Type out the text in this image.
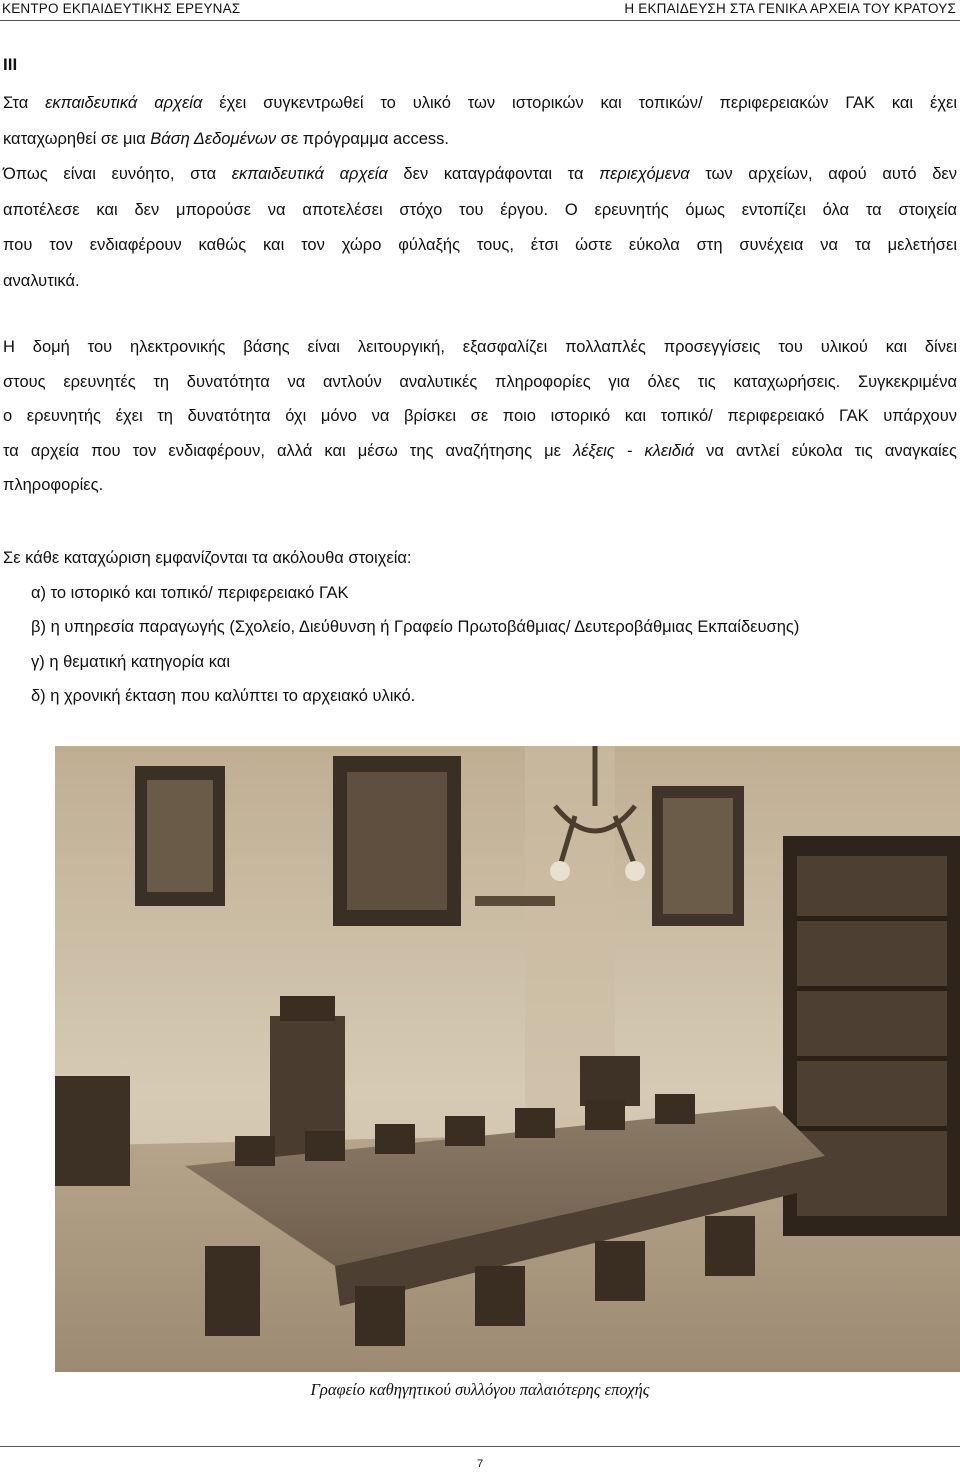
ΚΕΝΤΡΟ ΕΚΠΑΙΔΕΥΤΙΚΗΣ ΕΡΕΥΝΑΣ	Η ΕΚΠΑΙΔΕΥΣΗ ΣΤΑ ΓΕΝΙΚΑ ΑΡΧΕΙΑ ΤΟΥ ΚΡΑΤΟΥΣ
III

Στα εκπαιδευτικά αρχεία έχει συγκεντρωθεί το υλικό των ιστορικών και τοπικών/ περιφερειακών ΓΑΚ και έχει

καταχωρηθεί σε μια Βάση Δεδομένων σε πρόγραμμα access.

Όπως είναι ευνόητο, στα εκπαιδευτικά αρχεία δεν καταγράφονται τα περιεχόμενα των αρχείων, αφού αυτό δεν

αποτέλεσε και δεν μπορούσε να αποτελέσει στόχο του έργου. Ο ερευνητής όμως εντοπίζει όλα τα στοιχεία

που τον ενδιαφέρουν καθώς και τον χώρο φύλαξής τους, έτσι ώστε εύκολα στη συνέχεια να τα μελετήσει

αναλυτικά.

Η δομή του ηλεκτρονικής βάσης είναι λειτουργική, εξασφαλίζει πολλαπλές προσεγγίσεις του υλικού και δίνει

στους ερευνητές τη δυνατότητα να αντλούν αναλυτικές πληροφορίες για όλες τις καταχωρήσεις. Συγκεκριμένα

ο ερευνητής έχει τη δυνατότητα όχι μόνο να βρίσκει σε ποιο ιστορικό και τοπικό/ περιφερειακό ΓΑΚ υπάρχουν

τα αρχεία που τον ενδιαφέρουν, αλλά και μέσω της αναζήτησης με λέξεις - κλειδιά να αντλεί εύκολα τις αναγκαίες

πληροφορίες.

Σε κάθε καταχώριση εμφανίζονται τα ακόλουθα στοιχεία:

α) το ιστορικό και τοπικό/ περιφερειακό ΓΑΚ

β) η υπηρεσία παραγωγής (Σχολείο, Διεύθυνση ή Γραφείο Πρωτοβάθμιας/ Δευτεροβάθμιας Εκπαίδευσης)

γ) η θεματική κατηγορία και

δ) η χρονική έκταση που καλύπτει το αρχειακό υλικό.

Γραφείο καθηγητικού συλλόγου παλαιότερης εποχής
7
